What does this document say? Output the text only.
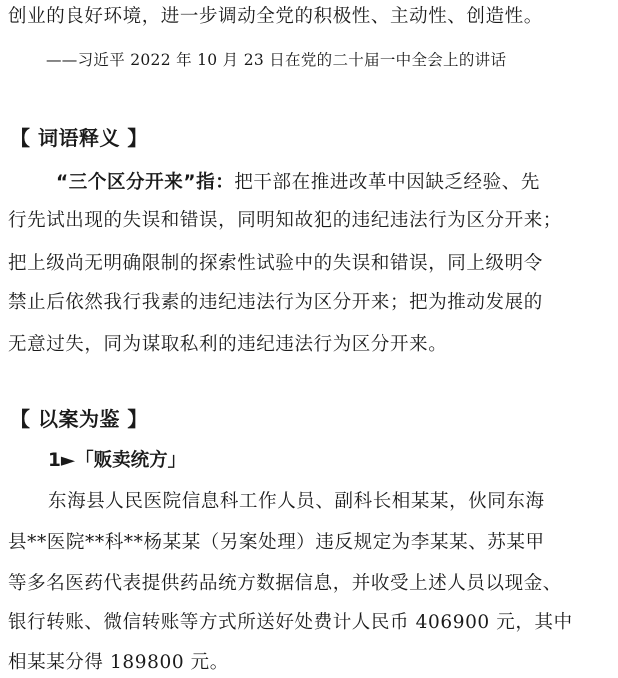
创业的良好环境，进一步调动全党的积极性、主动性、创造性。
——习近平 2022 年 10 月 23 日在党的二十届一中全会上的讲话
【 词语释义 】
“三个区分开来”指：把干部在推进改革中因缺乏经验、先
行先试出现的失误和错误，同明知故犯的违纪违法行为区分开来；
把上级尚无明确限制的探索性试验中的失误和错误，同上级明令
禁止后依然我行我素的违纪违法行为区分开来；把为推动发展的
无意过失，同为谋取私利的违纪违法行为区分开来。
【 以案为鉴 】
1►「贩卖统方」
东海县人民医院信息科工作人员、副科长相某某，伙同东海
县**医院**科**杨某某（另案处理）违反规定为李某某、苏某甲
等多名医药代表提供药品统方数据信息，并收受上述人员以现金、
银行转账、微信转账等方式所送好处费计人民币 406900 元，其中
相某某分得 189800 元。
